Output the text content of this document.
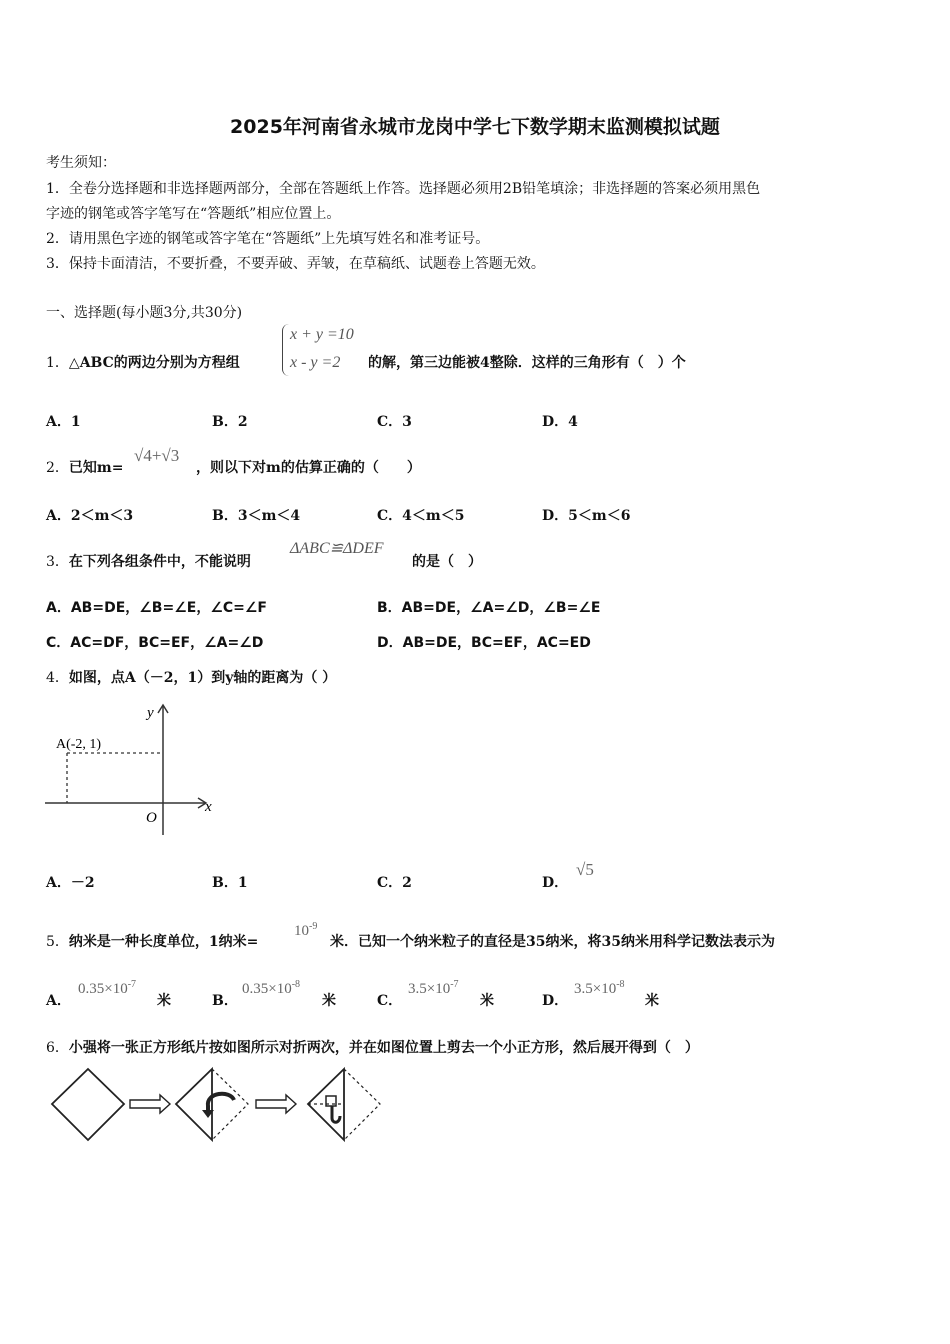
2025年河南省永城市龙岗中学七下数学期末监测模拟试题
考生须知：
1．全卷分选择题和非选择题两部分，全部在答题纸上作答。选择题必须用2B铅笔填涂；非选择题的答案必须用黑色
字迹的钢笔或答字笔写在“答题纸”相应位置上。
2．请用黑色字迹的钢笔或答字笔在“答题纸”上先填写姓名和准考证号。
3．保持卡面清洁，不要折叠，不要弄破、弄皱，在草稿纸、试题卷上答题无效。
一、选择题(每小题3分,共30分)
1．△ABC的两边分别为方程组
x + y =10
x - y =2 的解，第三边能被4整除．这样的三角形有（　）个
A．1	B．2	C．3	D．4
2．已知m=
√4+√3
，则以下对m的估算正确的（　　）
A．2＜m＜3	B．3＜m＜4	C．4＜m＜5	D．5＜m＜6
3．在下列各组条件中，不能说明
ΔABC≌ΔDEF
的是（　）
A．AB=DE，∠B=∠E，∠C=∠F	B．AB=DE，∠A=∠D，∠B=∠E
C．AC=DF，BC=EF，∠A=∠D	D．AB=DE，BC=EF，AC=ED
4．如图，点A（－2，1）到y轴的距离为（ ）
y
x
O
A(-2, 1)
A．－2	B．1	C．2	D．
√5
5．纳米是一种长度单位，1纳米=
$10^{-9}$
米．已知一个纳米粒子的直径是35纳米，将35纳米用科学记数法表示为
A．
$0.35\times 10^{-7}$
米	B．
$0.35\times 10^{-8}$
米	C．
$3.5\times 10^{-7}$
米	D．
$3.5\times 10^{-8}$
米
6．小强将一张正方形纸片按如图所示对折两次，并在如图位置上剪去一个小正方形，然后展开得到（　）
